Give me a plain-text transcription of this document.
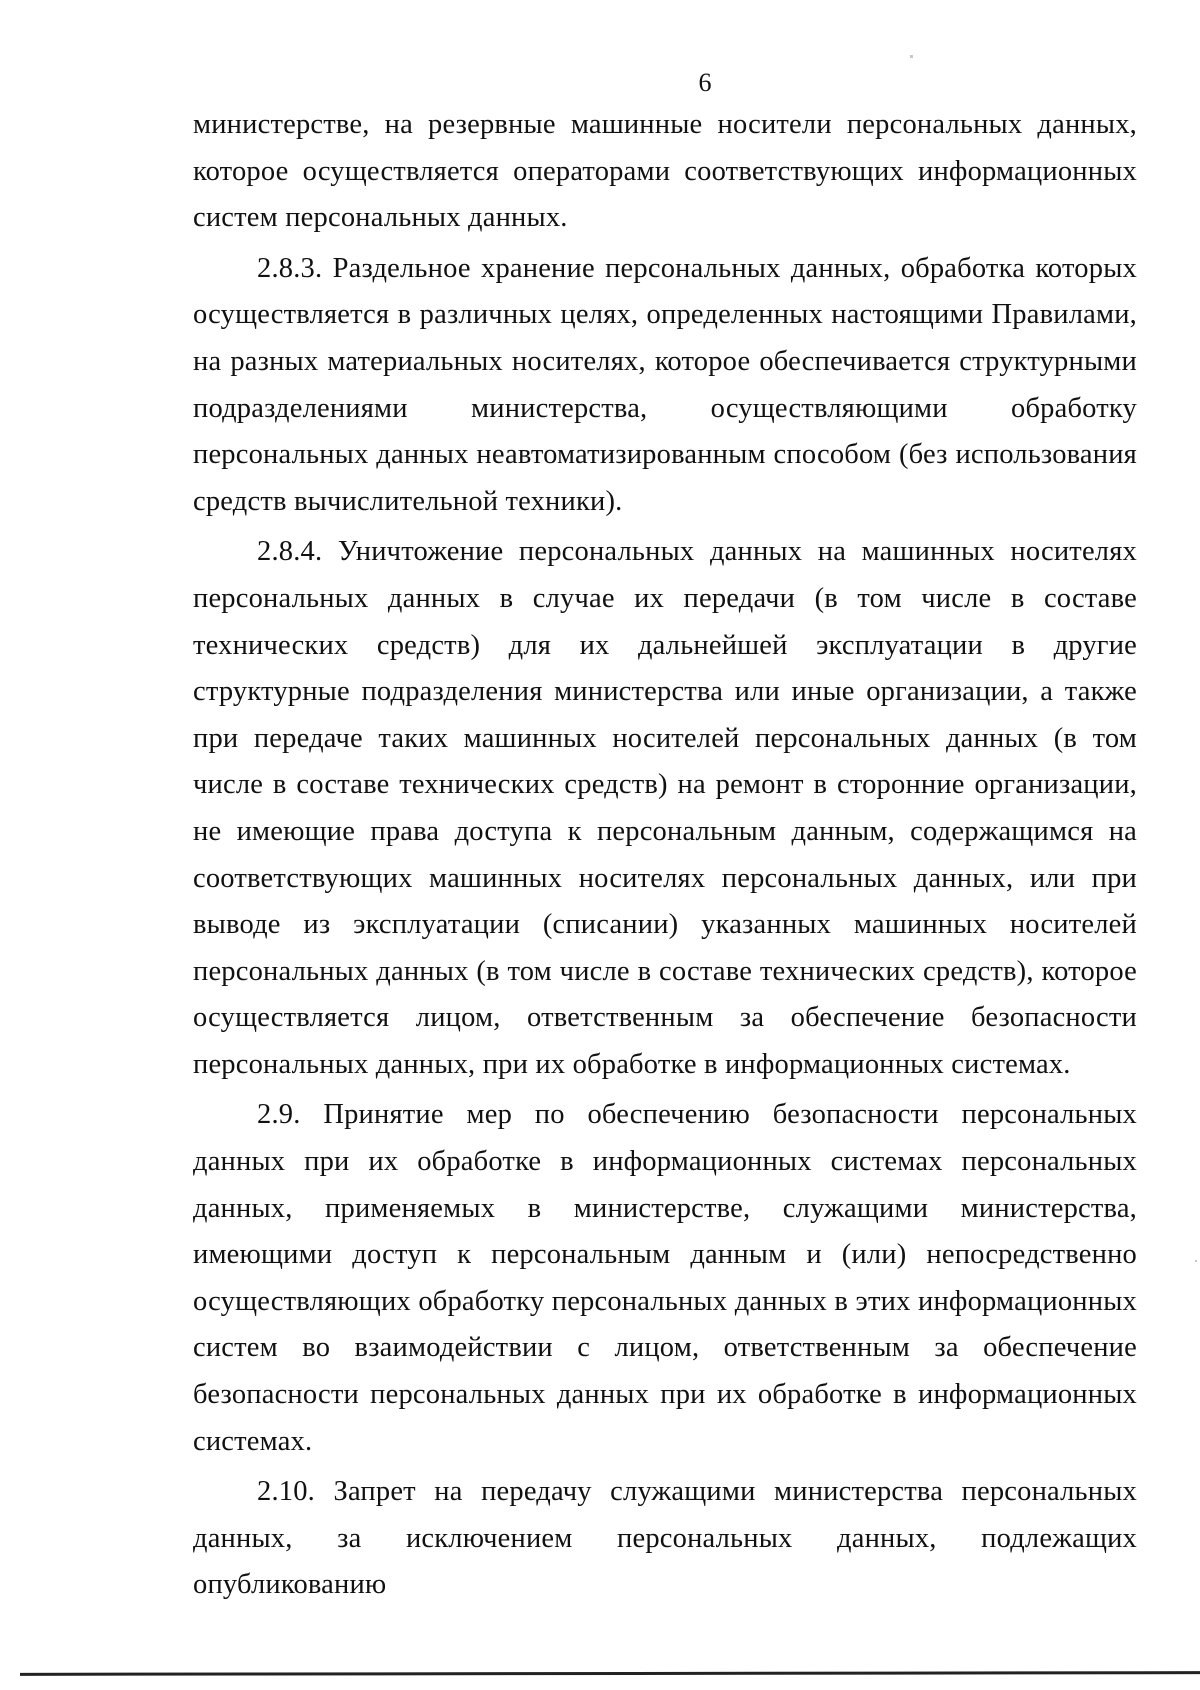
6

министерстве, на резервные машинные носители персональных данных, которое осуществляется операторами соответствующих информационных систем персональных данных.

2.8.3. Раздельное хранение персональных данных, обработка которых осуществляется в различных целях, определенных настоящими Правилами, на разных материальных носителях, которое обеспечивается структурными подразделениями министерства, осуществляющими обработку персональных данных неавтоматизированным способом (без использования средств вычислительной техники).

2.8.4. Уничтожение персональных данных на машинных носителях персональных данных в случае их передачи (в том числе в составе технических средств) для их дальнейшей эксплуатации в другие структурные подразделения министерства или иные организации, а также при передаче таких машинных носителей персональных данных (в том числе в составе технических средств) на ремонт в сторонние организации, не имеющие права доступа к персональным данным, содержащимся на соответствующих машинных носителях персональных данных, или при выводе из эксплуатации (списании) указанных машинных носителей персональных данных (в том числе в составе технических средств), которое осуществляется лицом, ответственным за обеспечение безопасности персональных данных, при их обработке в информационных системах.

2.9. Принятие мер по обеспечению безопасности персональных данных при их обработке в информационных системах персональных данных, применяемых в министерстве, служащими министерства, имеющими доступ к персональным данным и (или) непосредственно осуществляющих обработку персональных данных в этих информационных систем во взаимодействии с лицом, ответственным за обеспечение безопасности персональных данных при их обработке в информационных системах.

2.10. Запрет на передачу служащими министерства персональных данных, за исключением персональных данных, подлежащих опубликованию
